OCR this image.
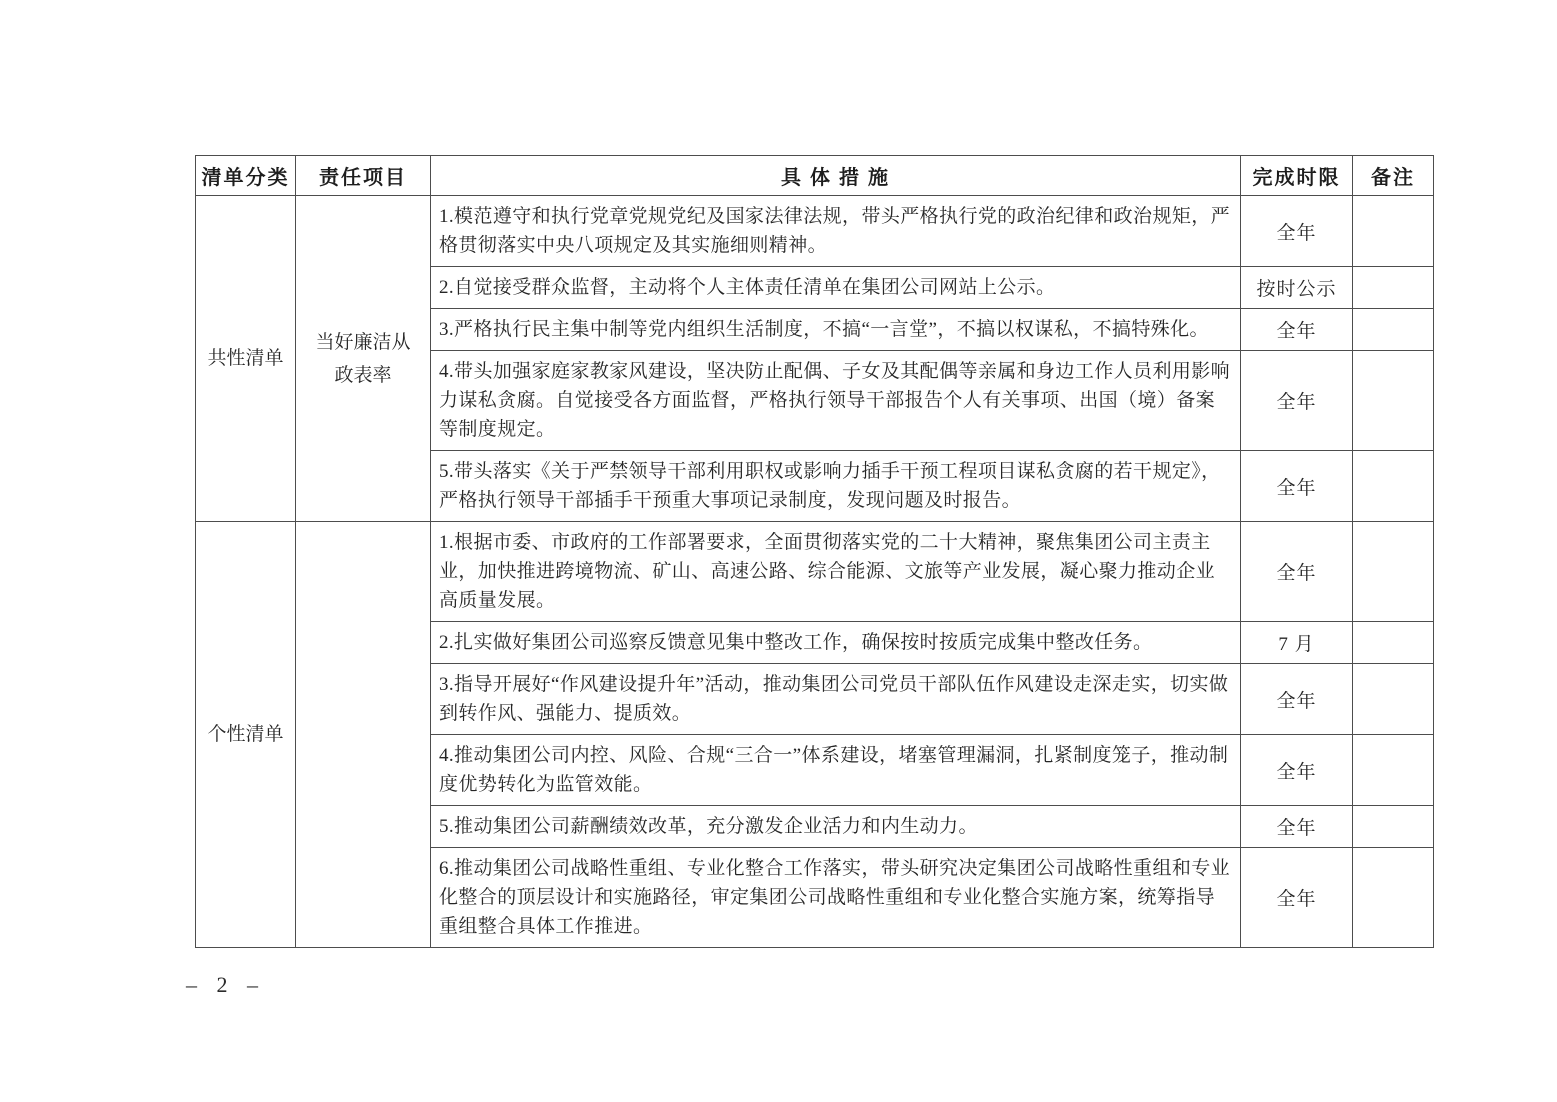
清单分类	责任项目	具 体 措 施	完成时限	备注
共性清单	当好廉洁从政表率	1.模范遵守和执行党章党规党纪及国家法律法规，带头严格执行党的政治纪律和政治规矩，严格贯彻落实中央八项规定及其实施细则精神。	全年	
		2.自觉接受群众监督，主动将个人主体责任清单在集团公司网站上公示。	按时公示	
		3.严格执行民主集中制等党内组织生活制度，不搞“一言堂”，不搞以权谋私，不搞特殊化。	全年	
		4.带头加强家庭家教家风建设，坚决防止配偶、子女及其配偶等亲属和身边工作人员利用影响力谋私贪腐。自觉接受各方面监督，严格执行领导干部报告个人有关事项、出国（境）备案等制度规定。	全年	
		5.带头落实《关于严禁领导干部利用职权或影响力插手干预工程项目谋私贪腐的若干规定》，严格执行领导干部插手干预重大事项记录制度，发现问题及时报告。	全年	
个性清单		1.根据市委、市政府的工作部署要求，全面贯彻落实党的二十大精神，聚焦集团公司主责主业，加快推进跨境物流、矿山、高速公路、综合能源、文旅等产业发展，凝心聚力推动企业高质量发展。	全年	
		2.扎实做好集团公司巡察反馈意见集中整改工作，确保按时按质完成集中整改任务。	7 月	
		3.指导开展好“作风建设提升年”活动，推动集团公司党员干部队伍作风建设走深走实，切实做到转作风、强能力、提质效。	全年	
		4.推动集团公司内控、风险、合规“三合一”体系建设，堵塞管理漏洞，扎紧制度笼子，推动制度优势转化为监管效能。	全年	
		5.推动集团公司薪酬绩效改革，充分激发企业活力和内生动力。	全年	
		6.推动集团公司战略性重组、专业化整合工作落实，带头研究决定集团公司战略性重组和专业化整合的顶层设计和实施路径，审定集团公司战略性重组和专业化整合实施方案，统筹指导重组整合具体工作推进。	全年	
– 2 –
